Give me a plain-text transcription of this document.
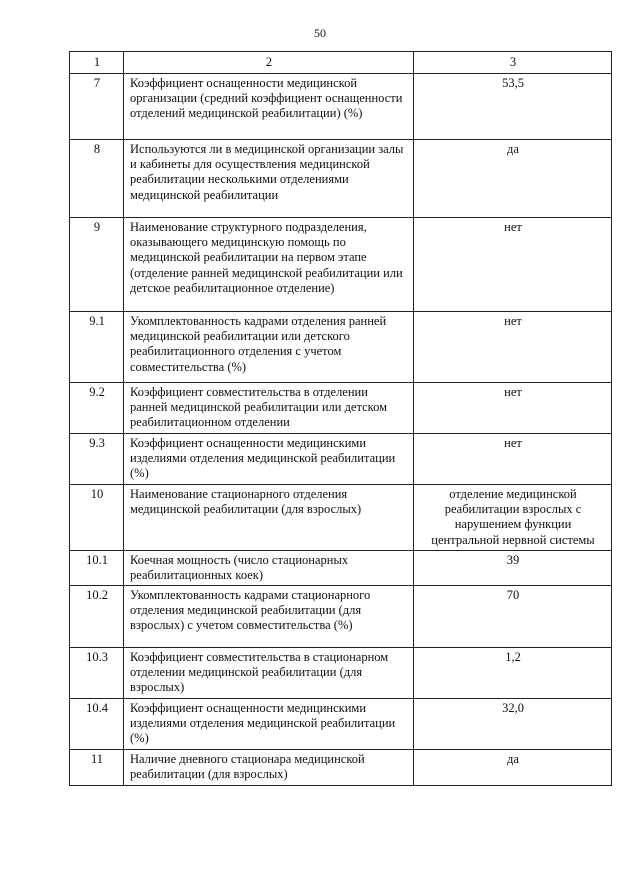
50
1	2	3
7	Коэффициент оснащенности медицинской организации (средний коэффициент оснащенности отделений медицинской реабилитации) (%)	53,5
8	Используются ли в медицинской организации залы и кабинеты для осуществления медицинской реабилитации несколькими отделениями медицинской реабилитации	да
9	Наименование структурного подразделения, оказывающего медицинскую помощь по медицинской реабилитации на первом этапе (отделение ранней медицинской реабилитации или детское реабилитационное отделение)	нет
9.1	Укомплектованность кадрами отделения ранней медицинской реабилитации или детского реабилитационного отделения с учетом совместительства (%)	нет
9.2	Коэффициент совместительства в отделении ранней медицинской реабилитации или детском реабилитационном отделении	нет
9.3	Коэффициент оснащенности медицинскими изделиями отделения медицинской реабилитации (%)	нет
10	Наименование стационарного отделения медицинской реабилитации (для взрослых)	отделение медицинской реабилитации взрослых с нарушением функции центральной нервной системы
10.1	Коечная мощность (число стационарных реабилитационных коек)	39
10.2	Укомплектованность кадрами стационарного отделения медицинской реабилитации (для взрослых) с учетом совместительства (%)	70
10.3	Коэффициент совместительства в стационарном отделении медицинской реабилитации (для взрослых)	1,2
10.4	Коэффициент оснащенности медицинскими изделиями отделения медицинской реабилитации (%)	32,0
11	Наличие дневного стационара медицинской реабилитации (для взрослых)	да
